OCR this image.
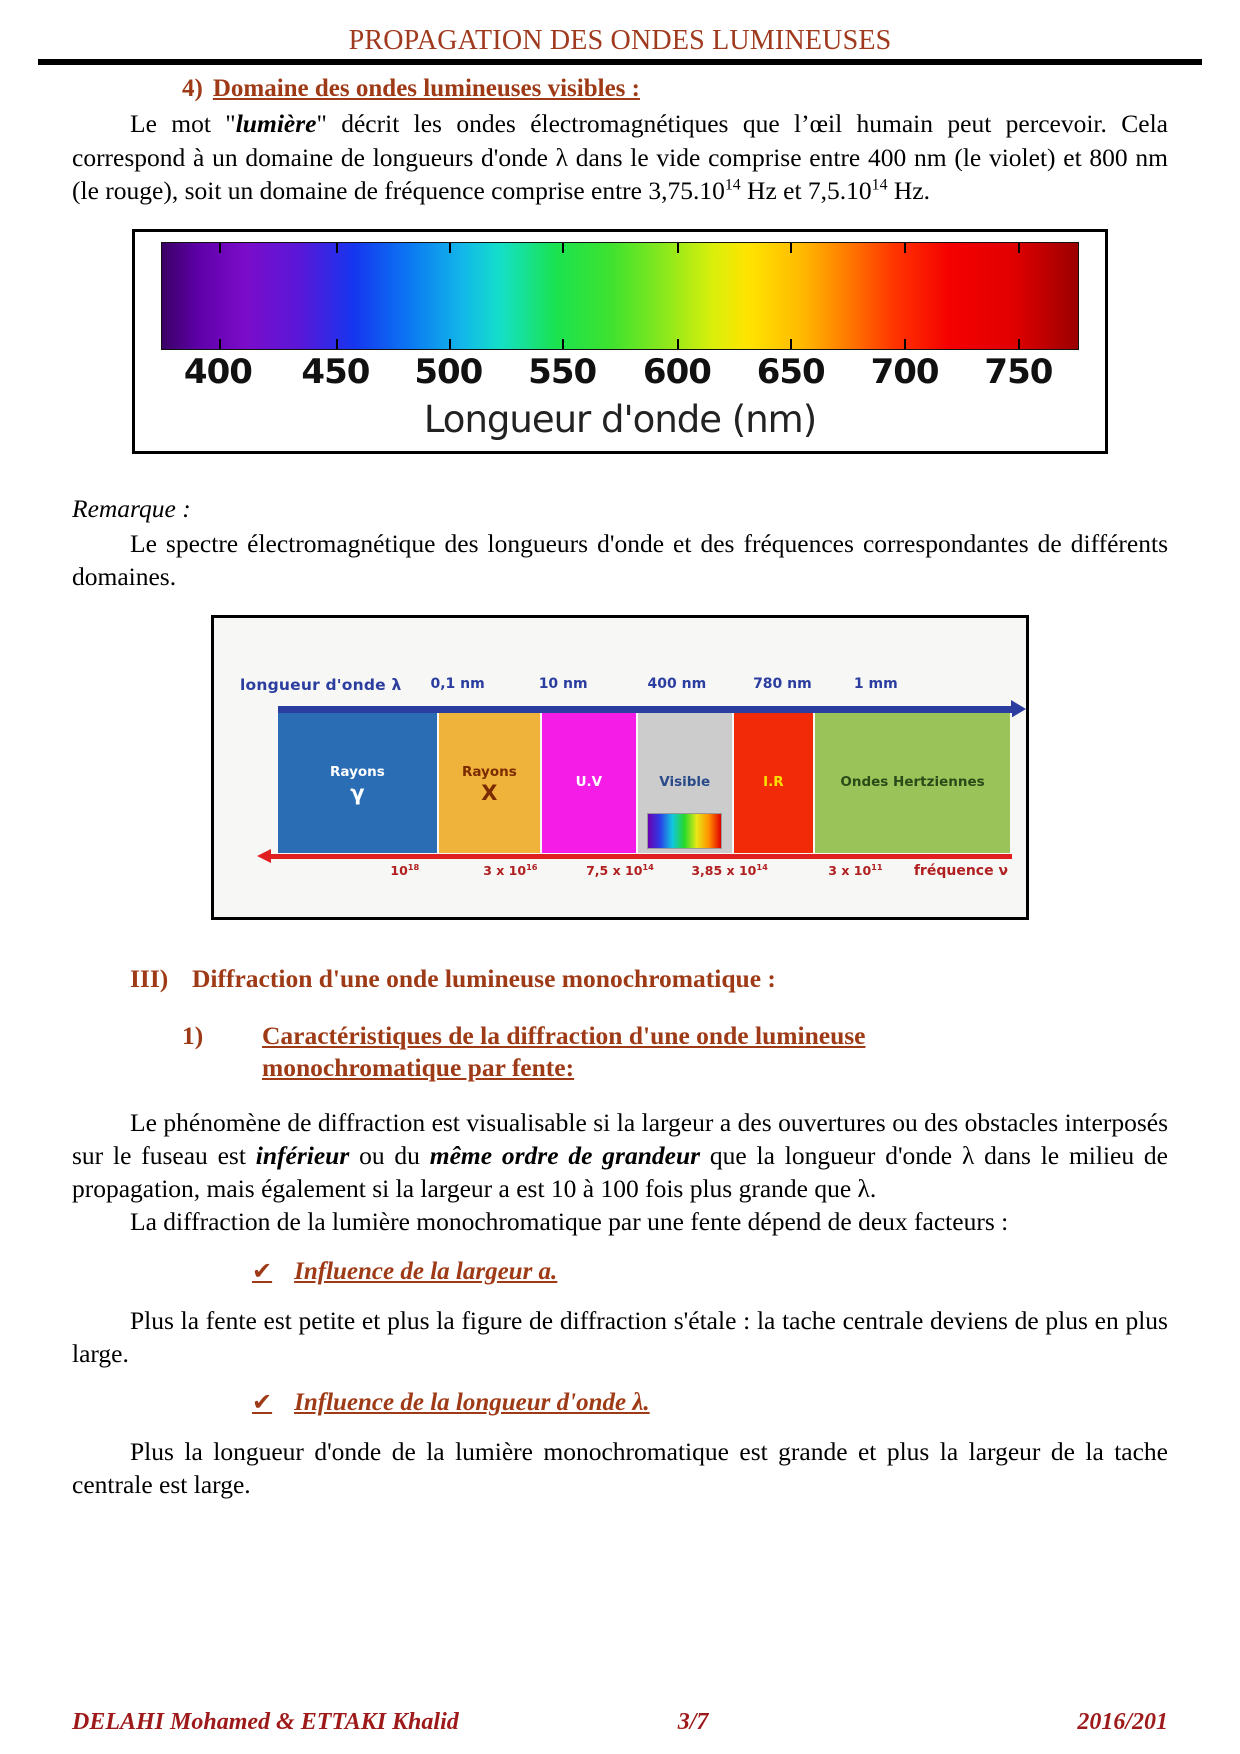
PROPAGATION DES ONDES LUMINEUSES
4) Domaine des ondes lumineuses visibles :

Le mot "lumière" décrit les ondes électromagnétiques que l’œil humain peut percevoir. Cela correspond à un domaine de longueurs d'onde λ dans le vide comprise entre 400 nm (le violet) et 800 nm (le rouge), soit un domaine de fréquence comprise entre 3,75.10$^{14}$ Hz et 7,5.10$^{14}$ Hz.

400 450 500 550 600 650 700 750
Longueur d'onde (nm)

Remarque :

Le spectre électromagnétique des longueurs d'onde et des fréquences correspondantes de différents domaines.

longueur d'onde λ 0,1 nm	10 nm	400 nm	780 nm	1 mm
Rayons
γ
Rayons
X	U.V	Visible	I.R	Ondes Hertziennes
$10^{18}$	3 x $10^{16}$	7,5 x $10^{14}$	3,85 x $10^{14}$	3 x $10^{11}$ fréquence ν
III) Diffraction d'une onde lumineuse monochromatique :
1) Caractéristiques de la diffraction d'une onde lumineuse
monochromatique par fente:

Le phénomène de diffraction est visualisable si la largeur a des ouvertures ou des obstacles interposés sur le fuseau est inférieur ou du même ordre de grandeur que la longueur d'onde λ dans le milieu de propagation, mais également si la largeur a est 10 à 100 fois plus grande que λ.

La diffraction de la lumière monochromatique par une fente dépend de deux facteurs :

✔ Influence de la largeur a.

Plus la fente est petite et plus la figure de diffraction s'étale : la tache centrale deviens de plus en plus large.

✔ Influence de la longueur d'onde λ.

Plus la longueur d'onde de la lumière monochromatique est grande et plus la largeur de la tache centrale est large.

DELAHI Mohamed & ETTAKI Khalid	3/7	2016/201
